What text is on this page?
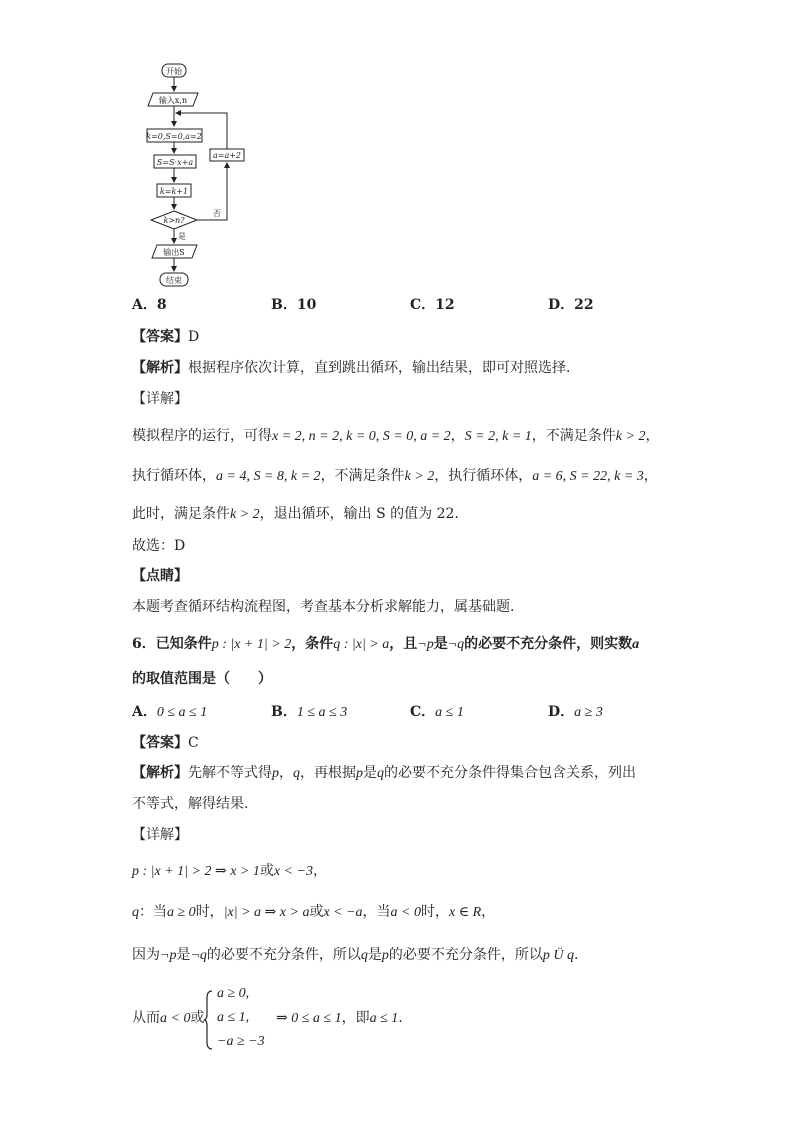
开始
输入x,n
k=0,S=0,a=2
S=S·x+a
k=k+1
k>n?
是
否
a=a+2
输出S
结束
A．8	B．10	C．12	D．22
【答案】D
【解析】根据程序依次计算，直到跳出循环，输出结果，即可对照选择.
【详解】
模拟程序的运行，可得x = 2, n = 2, k = 0, S = 0, a = 2，S = 2, k = 1，不满足条件k > 2，
执行循环体，a = 4, S = 8, k = 2，不满足条件k > 2，执行循环体，a = 6, S = 22, k = 3，
此时，满足条件k > 2，退出循环，输出 S 的值为 22.
故选：D
【点睛】
本题考查循环结构流程图，考查基本分析求解能力，属基础题.
6．已知条件p : |x + 1| > 2，条件q : |x| > a，且¬p是¬q的必要不充分条件，则实数a
的取值范围是（　　）
A．0 ≤ a ≤ 1	B．1 ≤ a ≤ 3	C．a ≤ 1	D．a ≥ 3
【答案】C
【解析】先解不等式得p，q，再根据p是q的必要不充分条件得集合包含关系，列出
不等式，解得结果.
【详解】
p : |x + 1| > 2 ⇒ x > 1或x < −3，
q：当a ≥ 0时，|x| > a ⇒ x > a或x < −a，当a < 0时，x ∈ R，
因为¬p是¬q的必要不充分条件，所以q是p的必要不充分条件，所以p Ü q.
从而a < 0或
a ≥ 0,
a ≤ 1,
−a ≥ −3
⇒ 0 ≤ a ≤ 1，即a ≤ 1.
